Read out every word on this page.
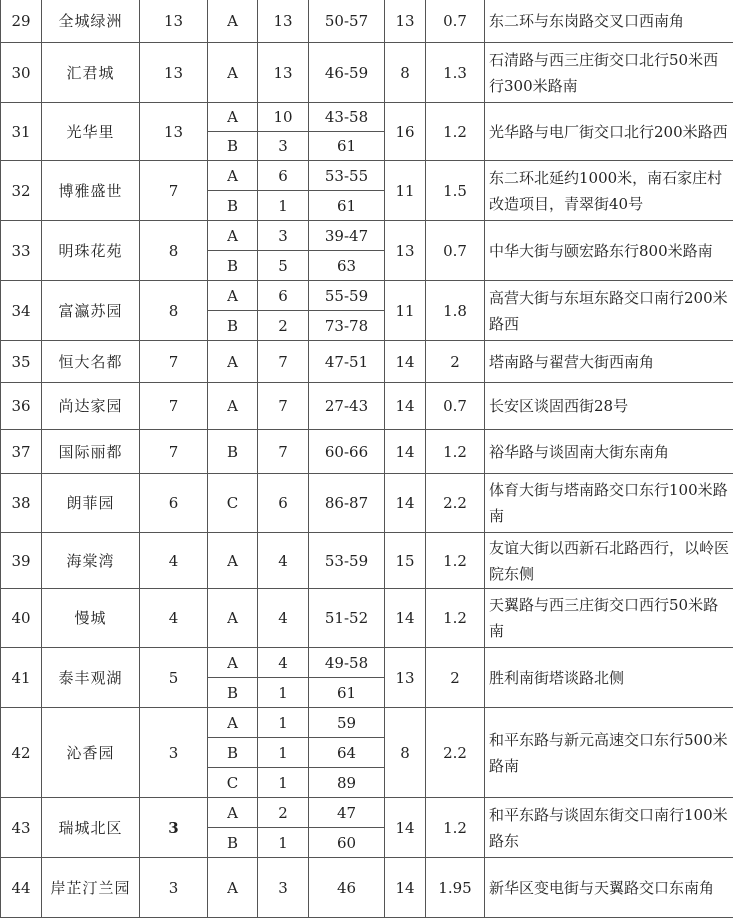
29	全城绿洲	13	A	13	50-57	13	0.7	东二环与东岗路交叉口西南角
30	汇君城	13	A	13	46-59	8	1.3	石清路与西三庄街交口北行50米西行300米路南
31	光华里	13	A	10	43-58	16	1.2	光华路与电厂街交口北行200米路西
			B	3	61			
32	博雅盛世	7	A	6	53-55	11	1.5	东二环北延约1000米，南石家庄村改造项目，青翠街40号
			B	1	61			
33	明珠花苑	8	A	3	39-47	13	0.7	中华大街与颐宏路东行800米路南
			B	5	63			
34	富瀛苏园	8	A	6	55-59	11	1.8	高营大街与东垣东路交口南行200米路西
			B	2	73-78			
35	恒大名都	7	A	7	47-51	14	2	塔南路与翟营大街西南角
36	尚达家园	7	A	7	27-43	14	0.7	长安区谈固西街28号
37	国际丽都	7	B	7	60-66	14	1.2	裕华路与谈固南大街东南角
38	朗菲园	6	C	6	86-87	14	2.2	体育大街与塔南路交口东行100米路南
39	海棠湾	4	A	4	53-59	15	1.2	友谊大街以西新石北路西行，以岭医院东侧
40	慢城	4	A	4	51-52	14	1.2	天翼路与西三庄街交口西行50米路南
41	泰丰观湖	5	A	4	49-58	13	2	胜利南街塔谈路北侧
			B	1	61			
42	沁香园	3	A	1	59	8	2.2	和平东路与新元高速交口东行500米路南
			B	1	64			
			C	1	89			
43	瑞城北区	3	A	2	47	14	1.2	和平东路与谈固东街交口南行100米路东
			B	1	60			
44	岸芷汀兰园	3	A	3	46	14	1.95	新华区变电街与天翼路交口东南角
